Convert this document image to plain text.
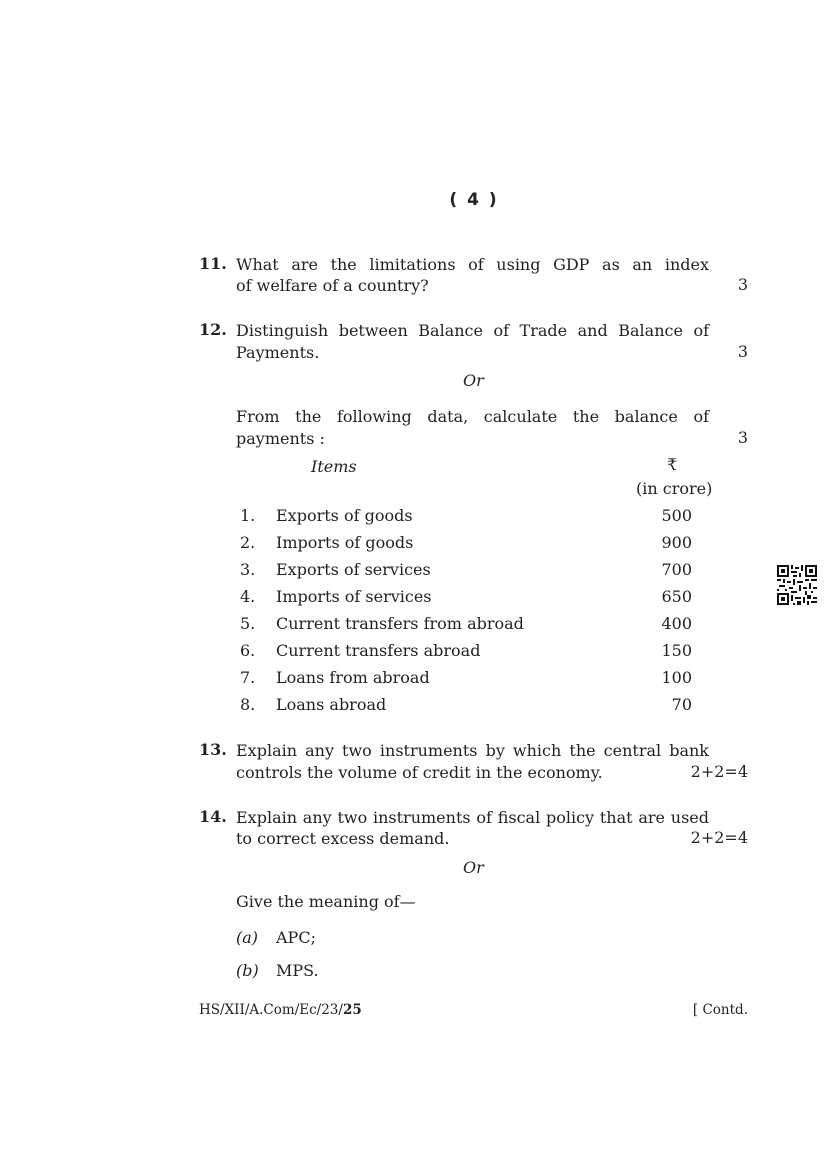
( 4 )
11. What are the limitations of using GDP as an index
of welfare of a country?	3
12. Distinguish between Balance of Trade and Balance of
Payments.	3
Or
From the following data, calculate the balance of
payments :	3
Items	₹
(in crore)
1. Exports of goods	500
2. Imports of goods	900
3. Exports of services	700
4. Imports of services	650
5. Current transfers from abroad	400
6. Current transfers abroad	150
7. Loans from abroad	100
8. Loans abroad	70
13. Explain any two instruments by which the central bank
controls the volume of credit in the economy.	2+2=4
14. Explain any two instruments of fiscal policy that are used
to correct excess demand.	2+2=4
Or
Give the meaning of—
(a) APC;
(b) MPS.
HS/XII/A.Com/Ec/23/25	[ Contd.
